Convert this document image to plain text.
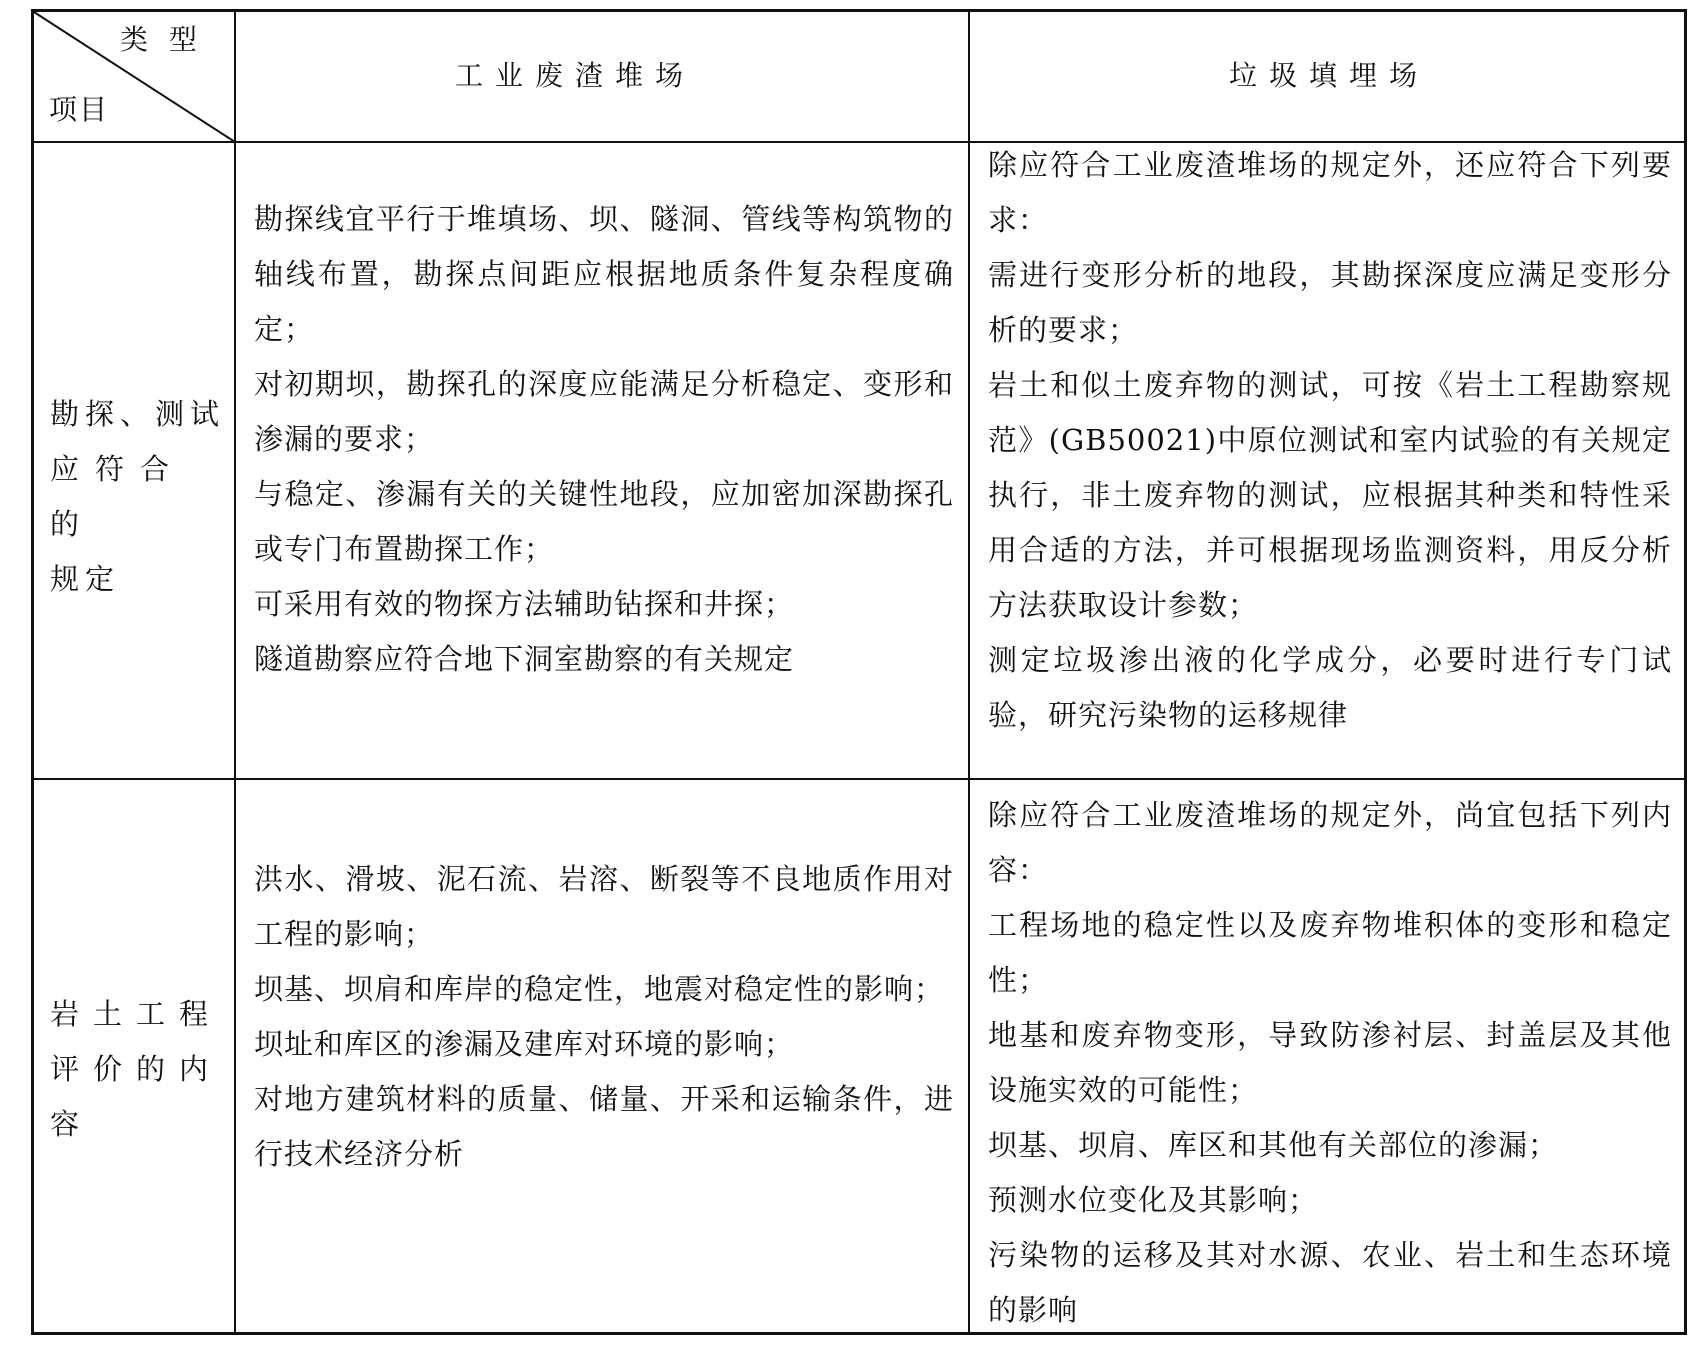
类 型
项目
工业废渣堆场	垃圾填埋场
勘探、测试
应符合的
规定
勘探线宜平行于堆填场、坝、隧洞、管线等构筑物的轴线布置，勘探点间距应根据地质条件复杂程度确定；
对初期坝，勘探孔的深度应能满足分析稳定、变形和渗漏的要求；
与稳定、渗漏有关的关键性地段，应加密加深勘探孔或专门布置勘探工作；
可采用有效的物探方法辅助钻探和井探；
隧道勘察应符合地下洞室勘察的有关规定
除应符合工业废渣堆场的规定外，还应符合下列要求：
需进行变形分析的地段，其勘探深度应满足变形分析的要求；
岩土和似土废弃物的测试，可按《岩土工程勘察规范》(GB50021)中原位测试和室内试验的有关规定执行，非土废弃物的测试，应根据其种类和特性采用合适的方法，并可根据现场监测资料，用反分析方法获取设计参数；
测定垃圾渗出液的化学成分，必要时进行专门试验，研究污染物的运移规律
岩土工程
评价的内
容
洪水、滑坡、泥石流、岩溶、断裂等不良地质作用对工程的影响；
坝基、坝肩和库岸的稳定性，地震对稳定性的影响；
坝址和库区的渗漏及建库对环境的影响；
对地方建筑材料的质量、储量、开采和运输条件，进行技术经济分析
除应符合工业废渣堆场的规定外，尚宜包括下列内容：
工程场地的稳定性以及废弃物堆积体的变形和稳定性；
地基和废弃物变形，导致防渗衬层、封盖层及其他设施实效的可能性；
坝基、坝肩、库区和其他有关部位的渗漏；
预测水位变化及其影响；
污染物的运移及其对水源、农业、岩土和生态环境的影响
